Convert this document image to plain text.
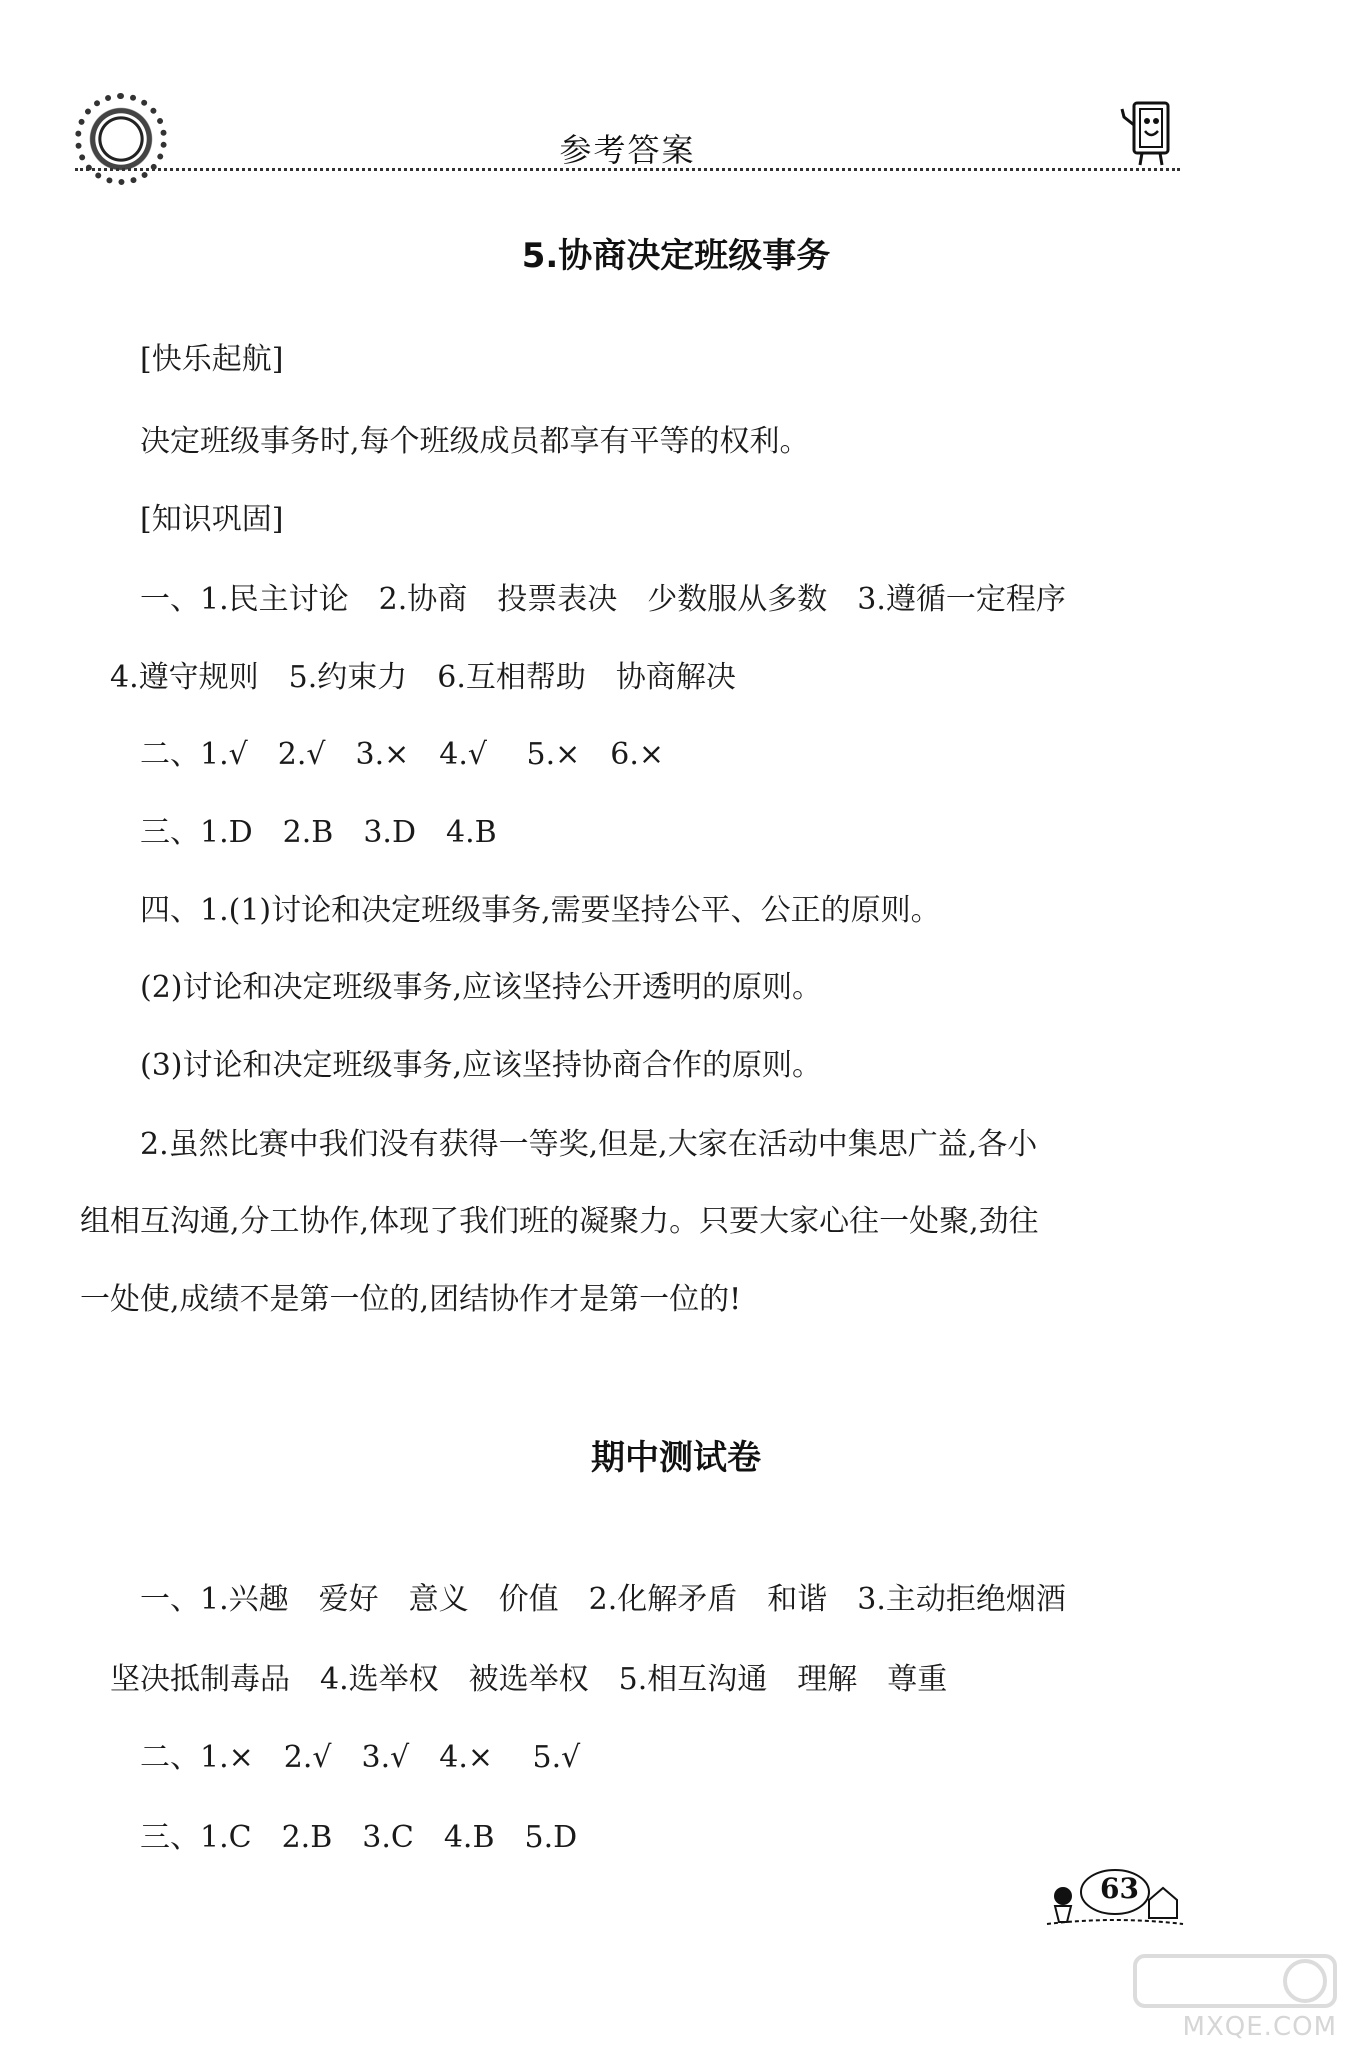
参考答案
5.协商决定班级事务
[快乐起航]
决定班级事务时,每个班级成员都享有平等的权利。
[知识巩固]
一、1.民主讨论　2.协商　投票表决　少数服从多数　3.遵循一定程序
4.遵守规则　5.约束力　6.互相帮助　协商解决
二、1.√　2.√　3.×　4.√　 5.×　6.×
三、1.D　2.B　3.D　4.B
四、1.(1)讨论和决定班级事务,需要坚持公平、公正的原则。
(2)讨论和决定班级事务,应该坚持公开透明的原则。
(3)讨论和决定班级事务,应该坚持协商合作的原则。
2.虽然比赛中我们没有获得一等奖,但是,大家在活动中集思广益,各小
组相互沟通,分工协作,体现了我们班的凝聚力。只要大家心往一处聚,劲往
一处使,成绩不是第一位的,团结协作才是第一位的!
期中测试卷
一、1.兴趣　爱好　意义　价值　2.化解矛盾　和谐　3.主动拒绝烟酒
坚决抵制毒品　4.选举权　被选举权　5.相互沟通　理解　尊重
二、1.×　2.√　3.√　4.×　 5.√
三、1.C　2.B　3.C　4.B　5.D
63
MXQE.COM
